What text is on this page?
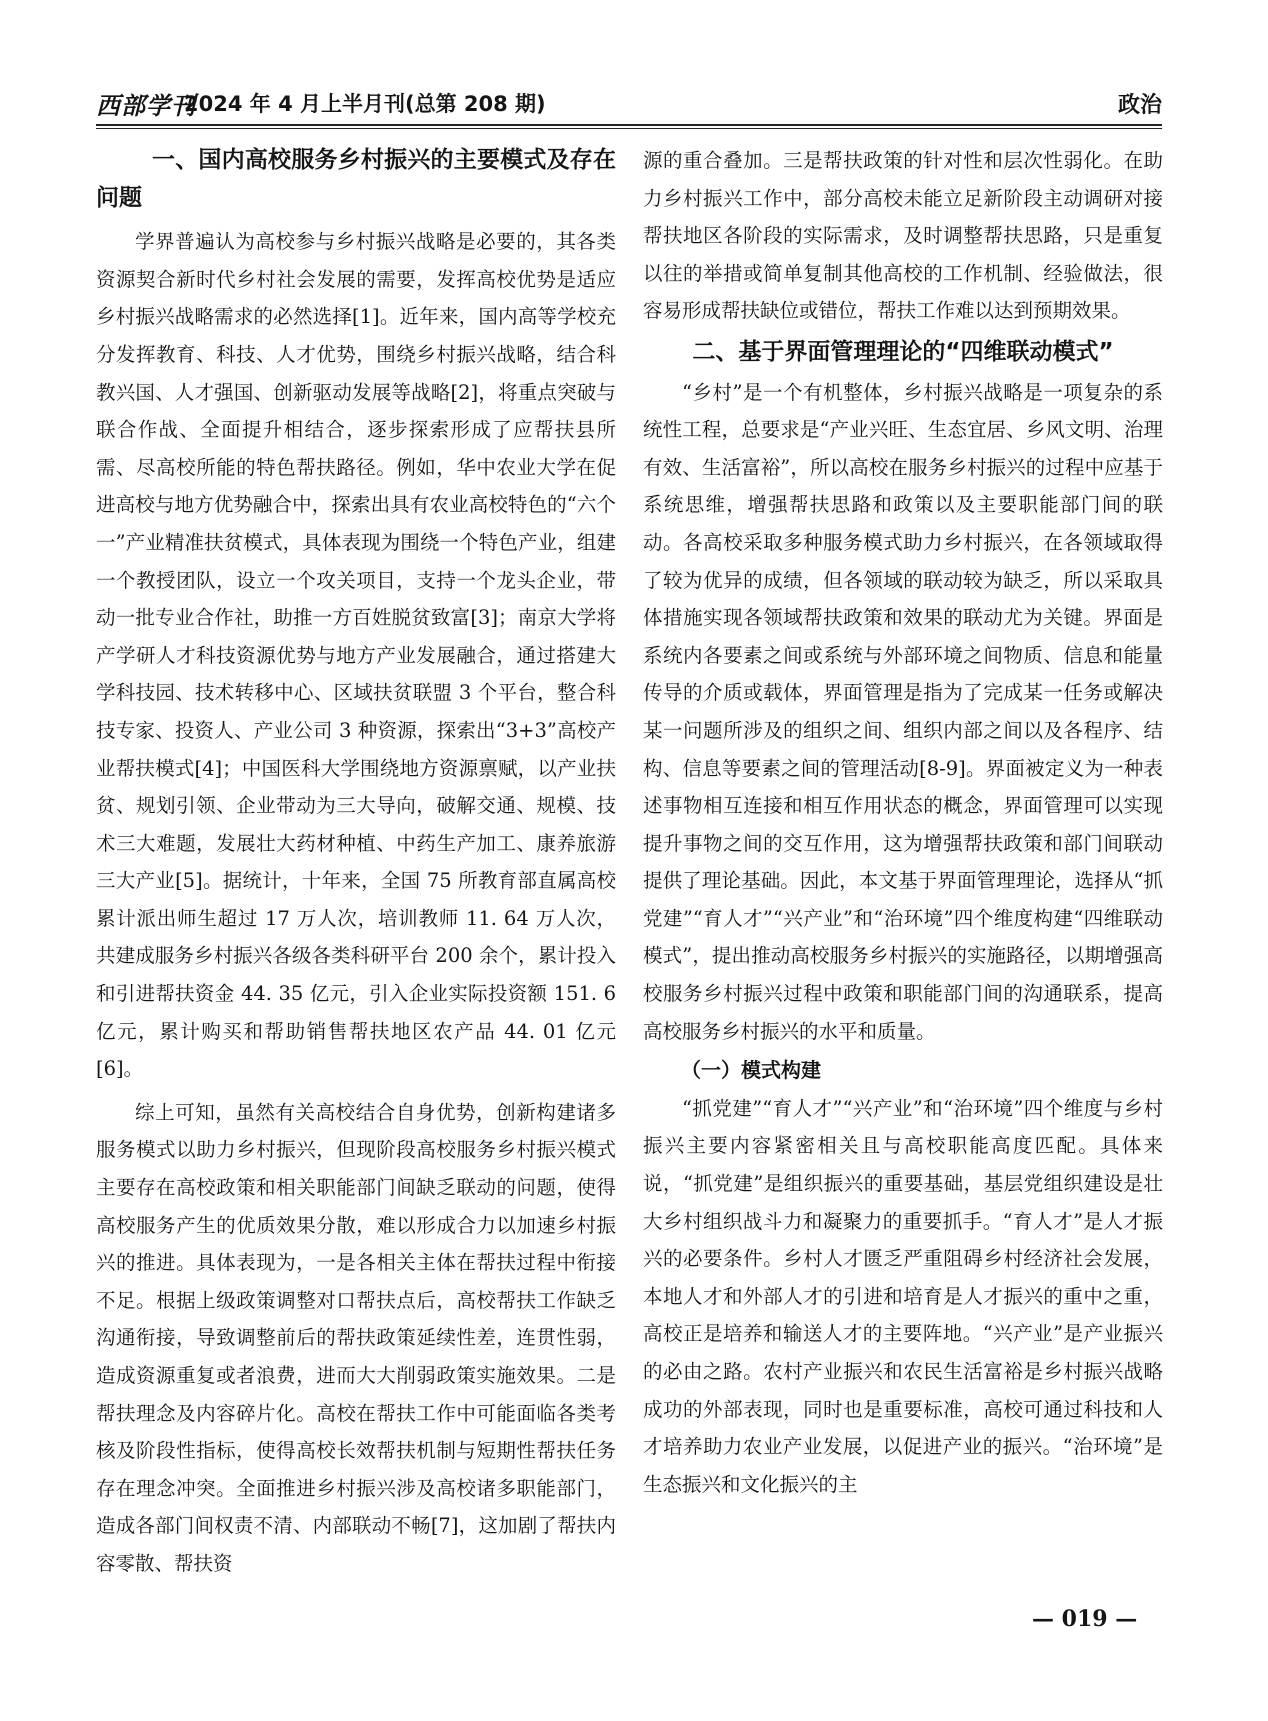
西部学刊
2024 年 4 月上半月刊(总第 208 期)	政治
一、国内高校服务乡村振兴的主要模式及存在问题

学界普遍认为高校参与乡村振兴战略是必要的，其各类资源契合新时代乡村社会发展的需要，发挥高校优势是适应乡村振兴战略需求的必然选择[1]。近年来，国内高等学校充分发挥教育、科技、人才优势，围绕乡村振兴战略，结合科教兴国、人才强国、创新驱动发展等战略[2]，将重点突破与联合作战、全面提升相结合，逐步探索形成了应帮扶县所需、尽高校所能的特色帮扶路径。例如，华中农业大学在促进高校与地方优势融合中，探索出具有农业高校特色的“六个一”产业精准扶贫模式，具体表现为围绕一个特色产业，组建一个教授团队，设立一个攻关项目，支持一个龙头企业，带动一批专业合作社，助推一方百姓脱贫致富[3]；南京大学将产学研人才科技资源优势与地方产业发展融合，通过搭建大学科技园、技术转移中心、区域扶贫联盟 3 个平台，整合科技专家、投资人、产业公司 3 种资源，探索出“3+3”高校产业帮扶模式[4]；中国医科大学围绕地方资源禀赋，以产业扶贫、规划引领、企业带动为三大导向，破解交通、规模、技术三大难题，发展壮大药材种植、中药生产加工、康养旅游三大产业[5]。据统计，十年来，全国 75 所教育部直属高校累计派出师生超过 17 万人次，培训教师 11. 64 万人次，共建成服务乡村振兴各级各类科研平台 200 余个，累计投入和引进帮扶资金 44. 35 亿元，引入企业实际投资额 151. 6 亿元，累计购买和帮助销售帮扶地区农产品 44. 01 亿元[6]。

综上可知，虽然有关高校结合自身优势，创新构建诸多服务模式以助力乡村振兴，但现阶段高校服务乡村振兴模式主要存在高校政策和相关职能部门间缺乏联动的问题，使得高校服务产生的优质效果分散，难以形成合力以加速乡村振兴的推进。具体表现为，一是各相关主体在帮扶过程中衔接不足。根据上级政策调整对口帮扶点后，高校帮扶工作缺乏沟通衔接，导致调整前后的帮扶政策延续性差，连贯性弱，造成资源重复或者浪费，进而大大削弱政策实施效果。二是帮扶理念及内容碎片化。高校在帮扶工作中可能面临各类考核及阶段性指标，使得高校长效帮扶机制与短期性帮扶任务存在理念冲突。全面推进乡村振兴涉及高校诸多职能部门，造成各部门间权责不清、内部联动不畅[7]，这加剧了帮扶内容零散、帮扶资

源的重合叠加。三是帮扶政策的针对性和层次性弱化。在助力乡村振兴工作中，部分高校未能立足新阶段主动调研对接帮扶地区各阶段的实际需求，及时调整帮扶思路，只是重复以往的举措或简单复制其他高校的工作机制、经验做法，很容易形成帮扶缺位或错位，帮扶工作难以达到预期效果。

二、基于界面管理理论的“四维联动模式”

“乡村”是一个有机整体，乡村振兴战略是一项复杂的系统性工程，总要求是“产业兴旺、生态宜居、乡风文明、治理有效、生活富裕”，所以高校在服务乡村振兴的过程中应基于系统思维，增强帮扶思路和政策以及主要职能部门间的联动。各高校采取多种服务模式助力乡村振兴，在各领域取得了较为优异的成绩，但各领域的联动较为缺乏，所以采取具体措施实现各领域帮扶政策和效果的联动尤为关键。界面是系统内各要素之间或系统与外部环境之间物质、信息和能量传导的介质或载体，界面管理是指为了完成某一任务或解决某一问题所涉及的组织之间、组织内部之间以及各程序、结构、信息等要素之间的管理活动[8-9]。界面被定义为一种表述事物相互连接和相互作用状态的概念，界面管理可以实现提升事物之间的交互作用，这为增强帮扶政策和部门间联动提供了理论基础。因此，本文基于界面管理理论，选择从“抓党建”“育人才”“兴产业”和“治环境”四个维度构建“四维联动模式”，提出推动高校服务乡村振兴的实施路径，以期增强高校服务乡村振兴过程中政策和职能部门间的沟通联系，提高高校服务乡村振兴的水平和质量。

（一）模式构建

“抓党建”“育人才”“兴产业”和“治环境”四个维度与乡村振兴主要内容紧密相关且与高校职能高度匹配。具体来说，“抓党建”是组织振兴的重要基础，基层党组织建设是壮大乡村组织战斗力和凝聚力的重要抓手。“育人才”是人才振兴的必要条件。乡村人才匮乏严重阻碍乡村经济社会发展，本地人才和外部人才的引进和培育是人才振兴的重中之重，高校正是培养和输送人才的主要阵地。“兴产业”是产业振兴的必由之路。农村产业振兴和农民生活富裕是乡村振兴战略成功的外部表现，同时也是重要标准，高校可通过科技和人才培养助力农业产业发展，以促进产业的振兴。“治环境”是生态振兴和文化振兴的主

— 019 —
